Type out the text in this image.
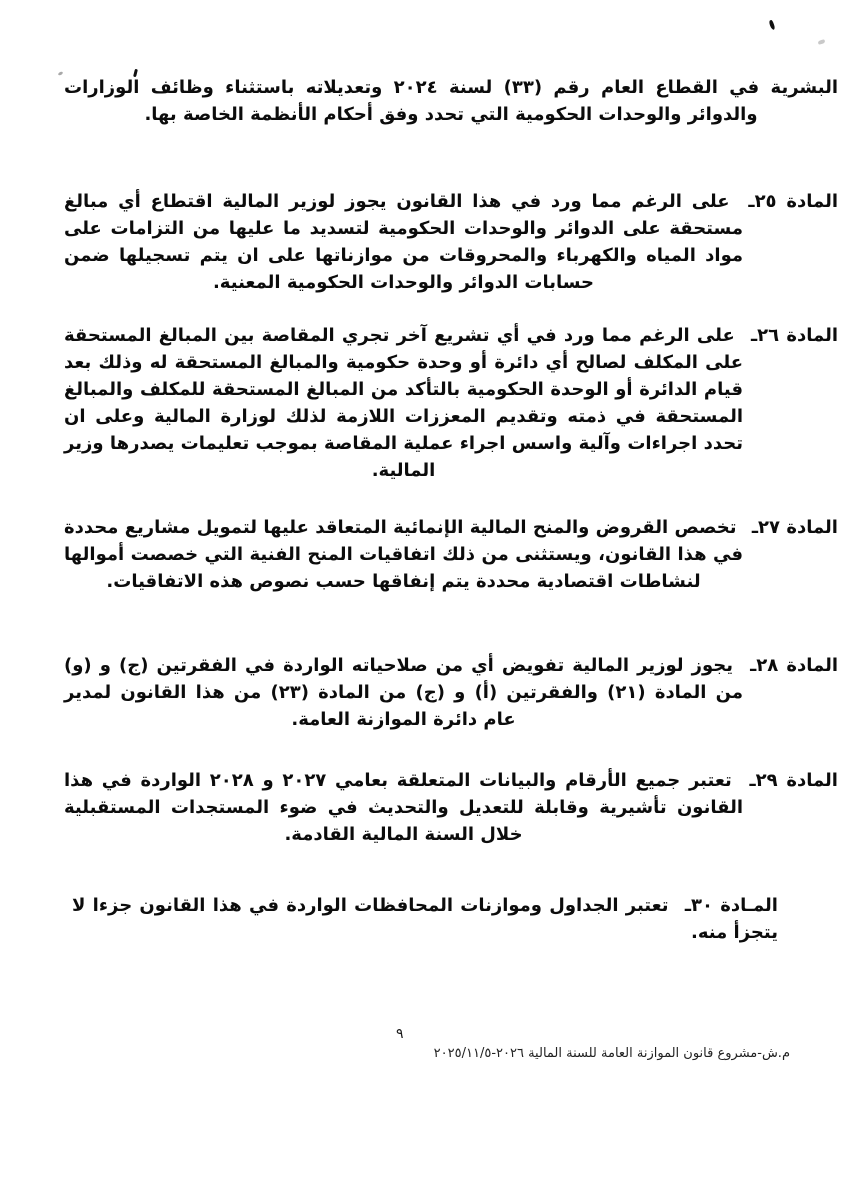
البشرية في القطاع العام رقم (٣٣) لسنة ٢٠٢٤ وتعديلاته باستثناء وظائف الوزارات والدوائر والوحدات الحكومية التي تحدد وفق أحكام الأنظمة الخاصة بها.

المادة ٢٥ـ على الرغم مما ورد في هذا القانون يجوز لوزير المالية اقتطاع أي مبالغ مستحقة على الدوائر والوحدات الحكومية لتسديد ما عليها من التزامات على مواد المياه والكهرباء والمحروقات من موازناتها على ان يتم تسجيلها ضمن حسابات الدوائر والوحدات الحكومية المعنية.

المادة ٢٦ـ على الرغم مما ورد في أي تشريع آخر تجري المقاصة بين المبالغ المستحقة على المكلف لصالح أي دائرة أو وحدة حكومية والمبالغ المستحقة له وذلك بعد قيام الدائرة أو الوحدة الحكومية بالتأكد من المبالغ المستحقة للمكلف والمبالغ المستحقة في ذمته وتقديم المعززات اللازمة لذلك لوزارة المالية وعلى ان تحدد اجراءات وآلية واسس اجراء عملية المقاصة بموجب تعليمات يصدرها وزير المالية.

المادة ٢٧ـ تخصص القروض والمنح المالية الإنمائية المتعاقد عليها لتمويل مشاريع محددة في هذا القانون، ويستثنى من ذلك اتفاقيات المنح الفنية التي خصصت أموالها لنشاطات اقتصادية محددة يتم إنفاقها حسب نصوص هذه الاتفاقيات.

المادة ٢٨ـ يجوز لوزير المالية تفويض أي من صلاحياته الواردة في الفقرتين (ج) و (و) من المادة (٢١) والفقرتين (أ) و (ج) من المادة (٢٣) من هذا القانون لمدير عام دائرة الموازنة العامة.

المادة ٢٩ـ تعتبر جميع الأرقام والبيانات المتعلقة بعامي ٢٠٢٧ و ٢٠٢٨ الواردة في هذا القانون تأشيرية وقابلة للتعديل والتحديث في ضوء المستجدات المستقبلية خلال السنة المالية القادمة.

المـادة ٣٠ـ تعتبر الجداول وموازنات المحافظات الواردة في هذا القانون جزءا لا يتجزأ منه.

٩
م.ش-مشروع قانون الموازنة العامة للسنة المالية ٢٠٢٦-٢٠٢٥/١١/٥
